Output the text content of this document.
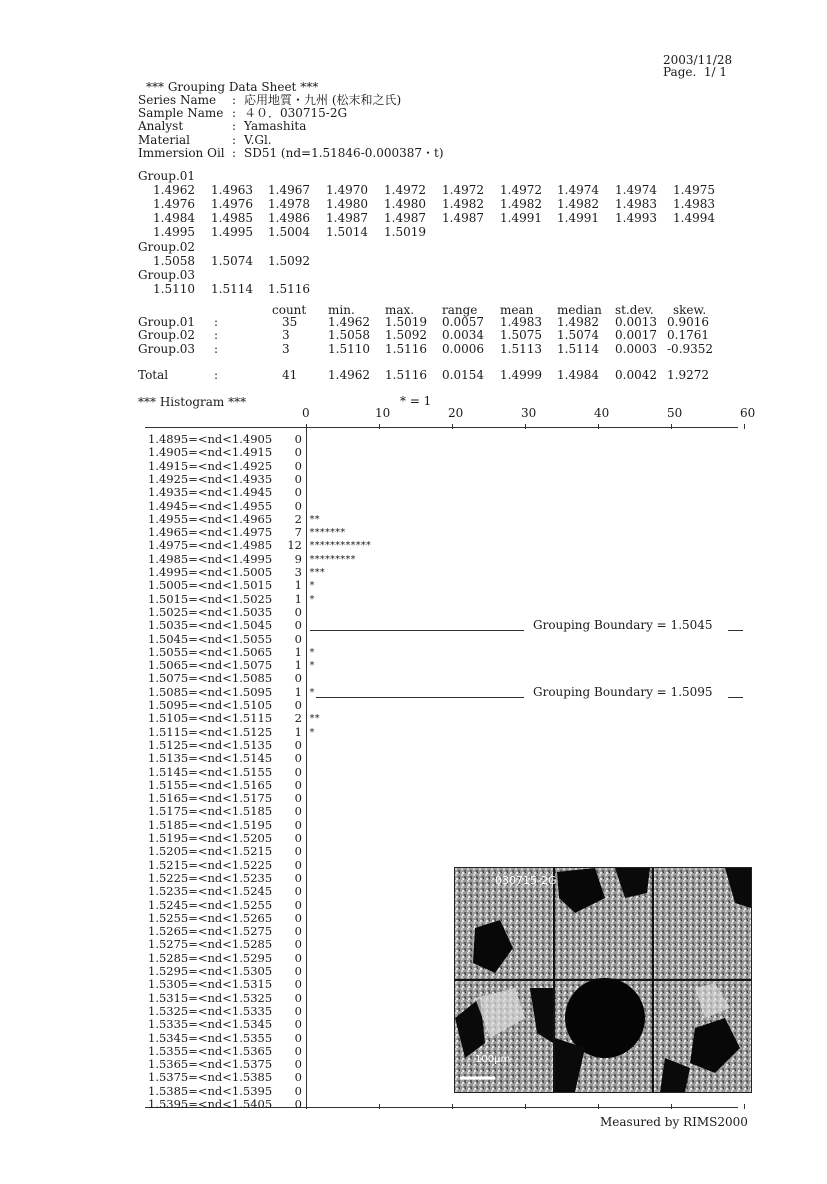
2003/11/28
Page.  1/ 1
*** Grouping Data Sheet ***
Series Name : 応用地質・九州 (松末和之氏)
Sample Name : ４０．030715-2G
Analyst	: Yamashita
Material	: V.Gl.
Immersion Oil : SD51 (nd=1.51846-0.000387・t)
Group.01
1.4962 1.4963 1.4967 1.4970 1.4972 1.4972 1.4972 1.4974 1.4974 1.4975
1.4976 1.4976 1.4978 1.4980 1.4980 1.4982 1.4982 1.4982 1.4983 1.4983
1.4984 1.4985 1.4986 1.4987 1.4987 1.4987 1.4991 1.4991 1.4993 1.4994
1.4995 1.4995 1.5004 1.5014 1.5019
Group.02
1.5058 1.5074 1.5092
Group.03
1.5110 1.5114 1.5116
count min.	max. range mean median st.dev. skew.
Group.01 :	35	1.4962 1.5019 0.0057 1.4983 1.4982 0.0013 0.9016
Group.02 :	3	1.5058 1.5092 0.0034 1.5075 1.5074 0.0017 0.1761
Group.03 :	3	1.5110 1.5116 0.0006 1.5113 1.5114 0.0003 -0.9352
Total	:	41	1.4962 1.5116 0.0154 1.4999 1.4984 0.0042 1.9272
*** Histogram ***	* = 1
0	10	20	30	40	50	60
1.4895=<nd<1.4905	0
1.4905=<nd<1.4915	0
1.4915=<nd<1.4925	0
1.4925=<nd<1.4935	0
1.4935=<nd<1.4945	0
1.4945=<nd<1.4955	0
1.4955=<nd<1.4965	2 **
1.4965=<nd<1.4975	7 *******
1.4975=<nd<1.4985	12 ************
1.4985=<nd<1.4995	9 *********
1.4995=<nd<1.5005	3 ***
1.5005=<nd<1.5015	1 *
1.5015=<nd<1.5025	1 *
1.5025=<nd<1.5035	0
1.5035=<nd<1.5045	0	Grouping Boundary = 1.5045
1.5045=<nd<1.5055	0
1.5055=<nd<1.5065	1 *
1.5065=<nd<1.5075	1 *
1.5075=<nd<1.5085	0
1.5085=<nd<1.5095	1 *	Grouping Boundary = 1.5095
1.5095=<nd<1.5105	0
1.5105=<nd<1.5115	2 **
1.5115=<nd<1.5125	1 *
1.5125=<nd<1.5135	0
1.5135=<nd<1.5145	0
1.5145=<nd<1.5155	0
1.5155=<nd<1.5165	0
1.5165=<nd<1.5175	0
1.5175=<nd<1.5185	0
1.5185=<nd<1.5195	0
1.5195=<nd<1.5205	0
1.5205=<nd<1.5215	0
1.5215=<nd<1.5225	0
1.5225=<nd<1.5235	0
1.5235=<nd<1.5245	0
1.5245=<nd<1.5255	0
1.5255=<nd<1.5265	0
1.5265=<nd<1.5275	0
1.5275=<nd<1.5285	0
1.5285=<nd<1.5295	0
1.5295=<nd<1.5305	0
1.5305=<nd<1.5315	0
1.5315=<nd<1.5325	0
1.5325=<nd<1.5335	0
1.5335=<nd<1.5345	0
1.5345=<nd<1.5355	0
1.5355=<nd<1.5365	0
1.5365=<nd<1.5375	0
1.5375=<nd<1.5385	0
1.5385=<nd<1.5395	0
1.5395=<nd<1.5405	0
030715-2G
100μm
Measured by RIMS2000
